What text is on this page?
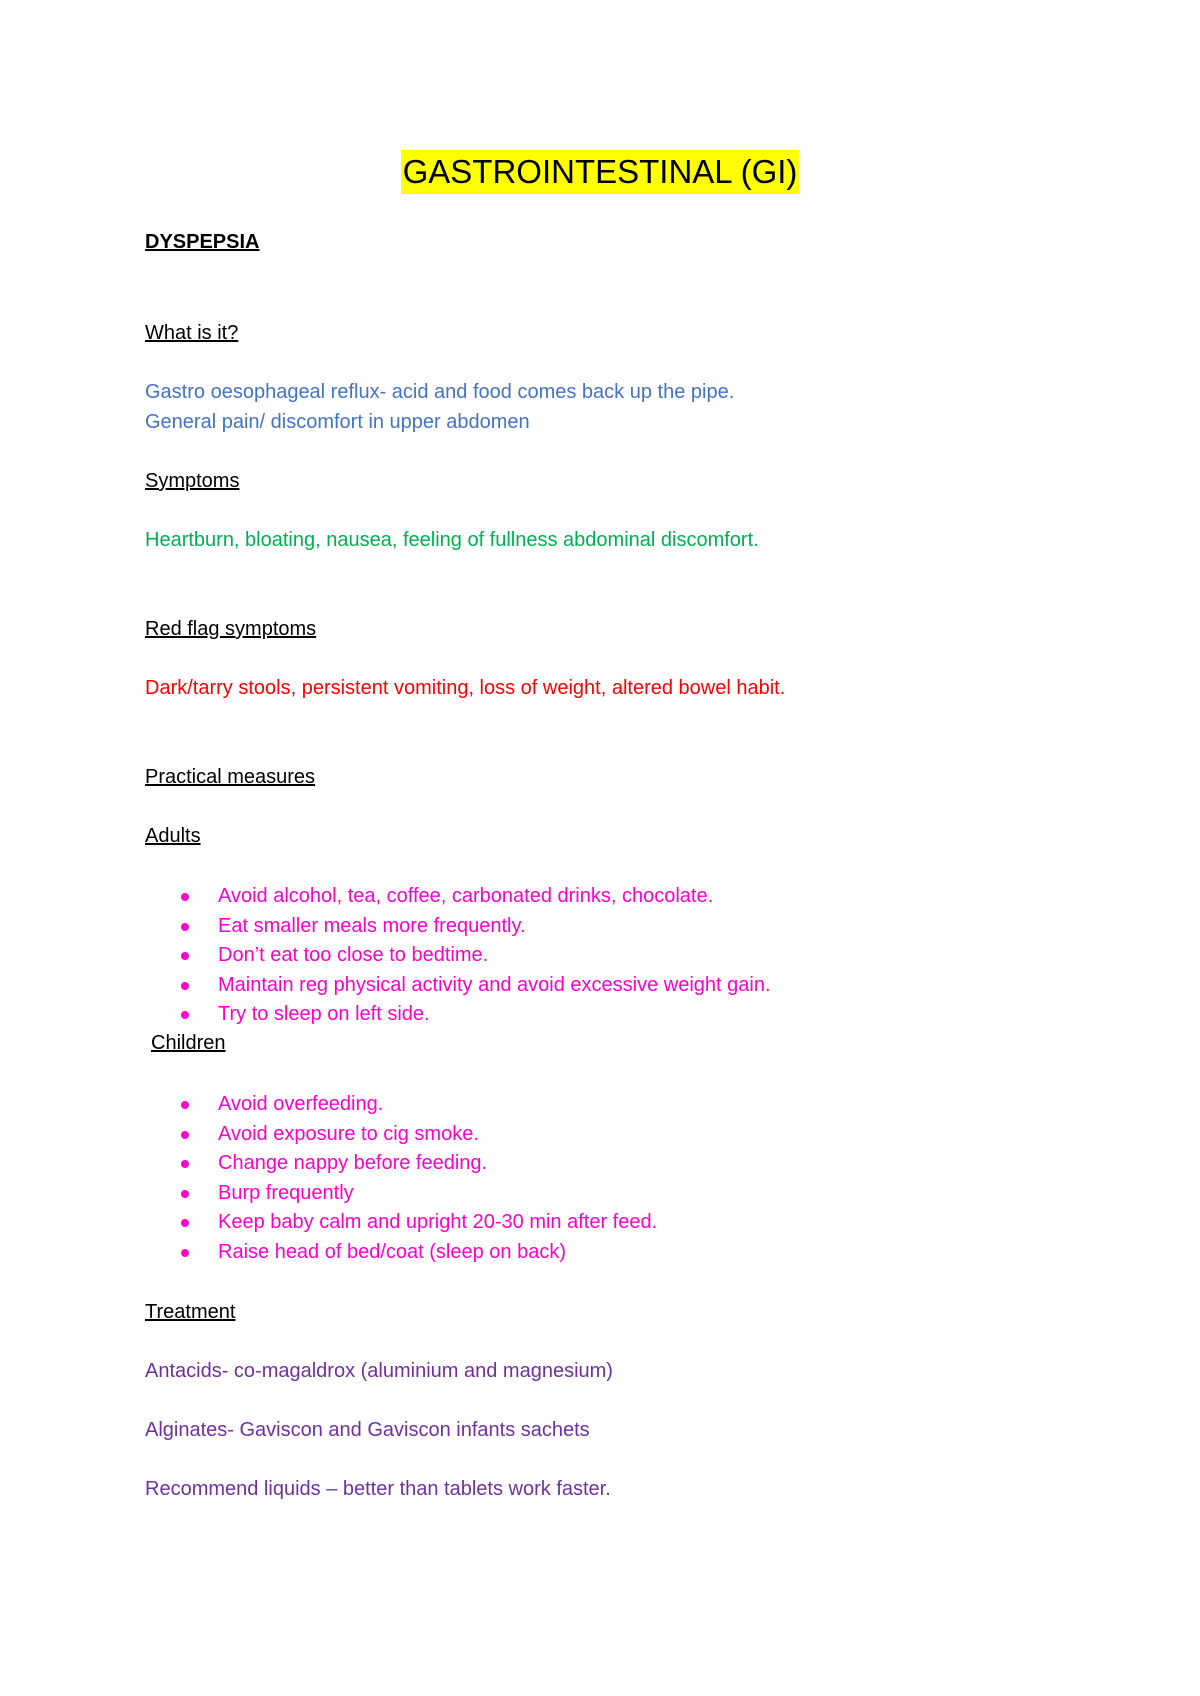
GASTROINTESTINAL (GI)
DYSPEPSIA
What is it?
Gastro oesophageal reflux- acid and food comes back up the pipe.
General pain/ discomfort in upper abdomen
Symptoms
Heartburn, bloating, nausea, feeling of fullness abdominal discomfort.
Red flag symptoms
Dark/tarry stools, persistent vomiting, loss of weight, altered bowel habit.
Practical measures
Adults
Avoid alcohol, tea, coffee, carbonated drinks, chocolate.
Eat smaller meals more frequently.
Don’t eat too close to bedtime.
Maintain reg physical activity and avoid excessive weight gain.
Try to sleep on left side.
Children
Avoid overfeeding.
Avoid exposure to cig smoke.
Change nappy before feeding.
Burp frequently
Keep baby calm and upright 20-30 min after feed.
Raise head of bed/coat (sleep on back)
Treatment
Antacids- co-magaldrox (aluminium and magnesium)
Alginates- Gaviscon and Gaviscon infants sachets
Recommend liquids – better than tablets work faster.
